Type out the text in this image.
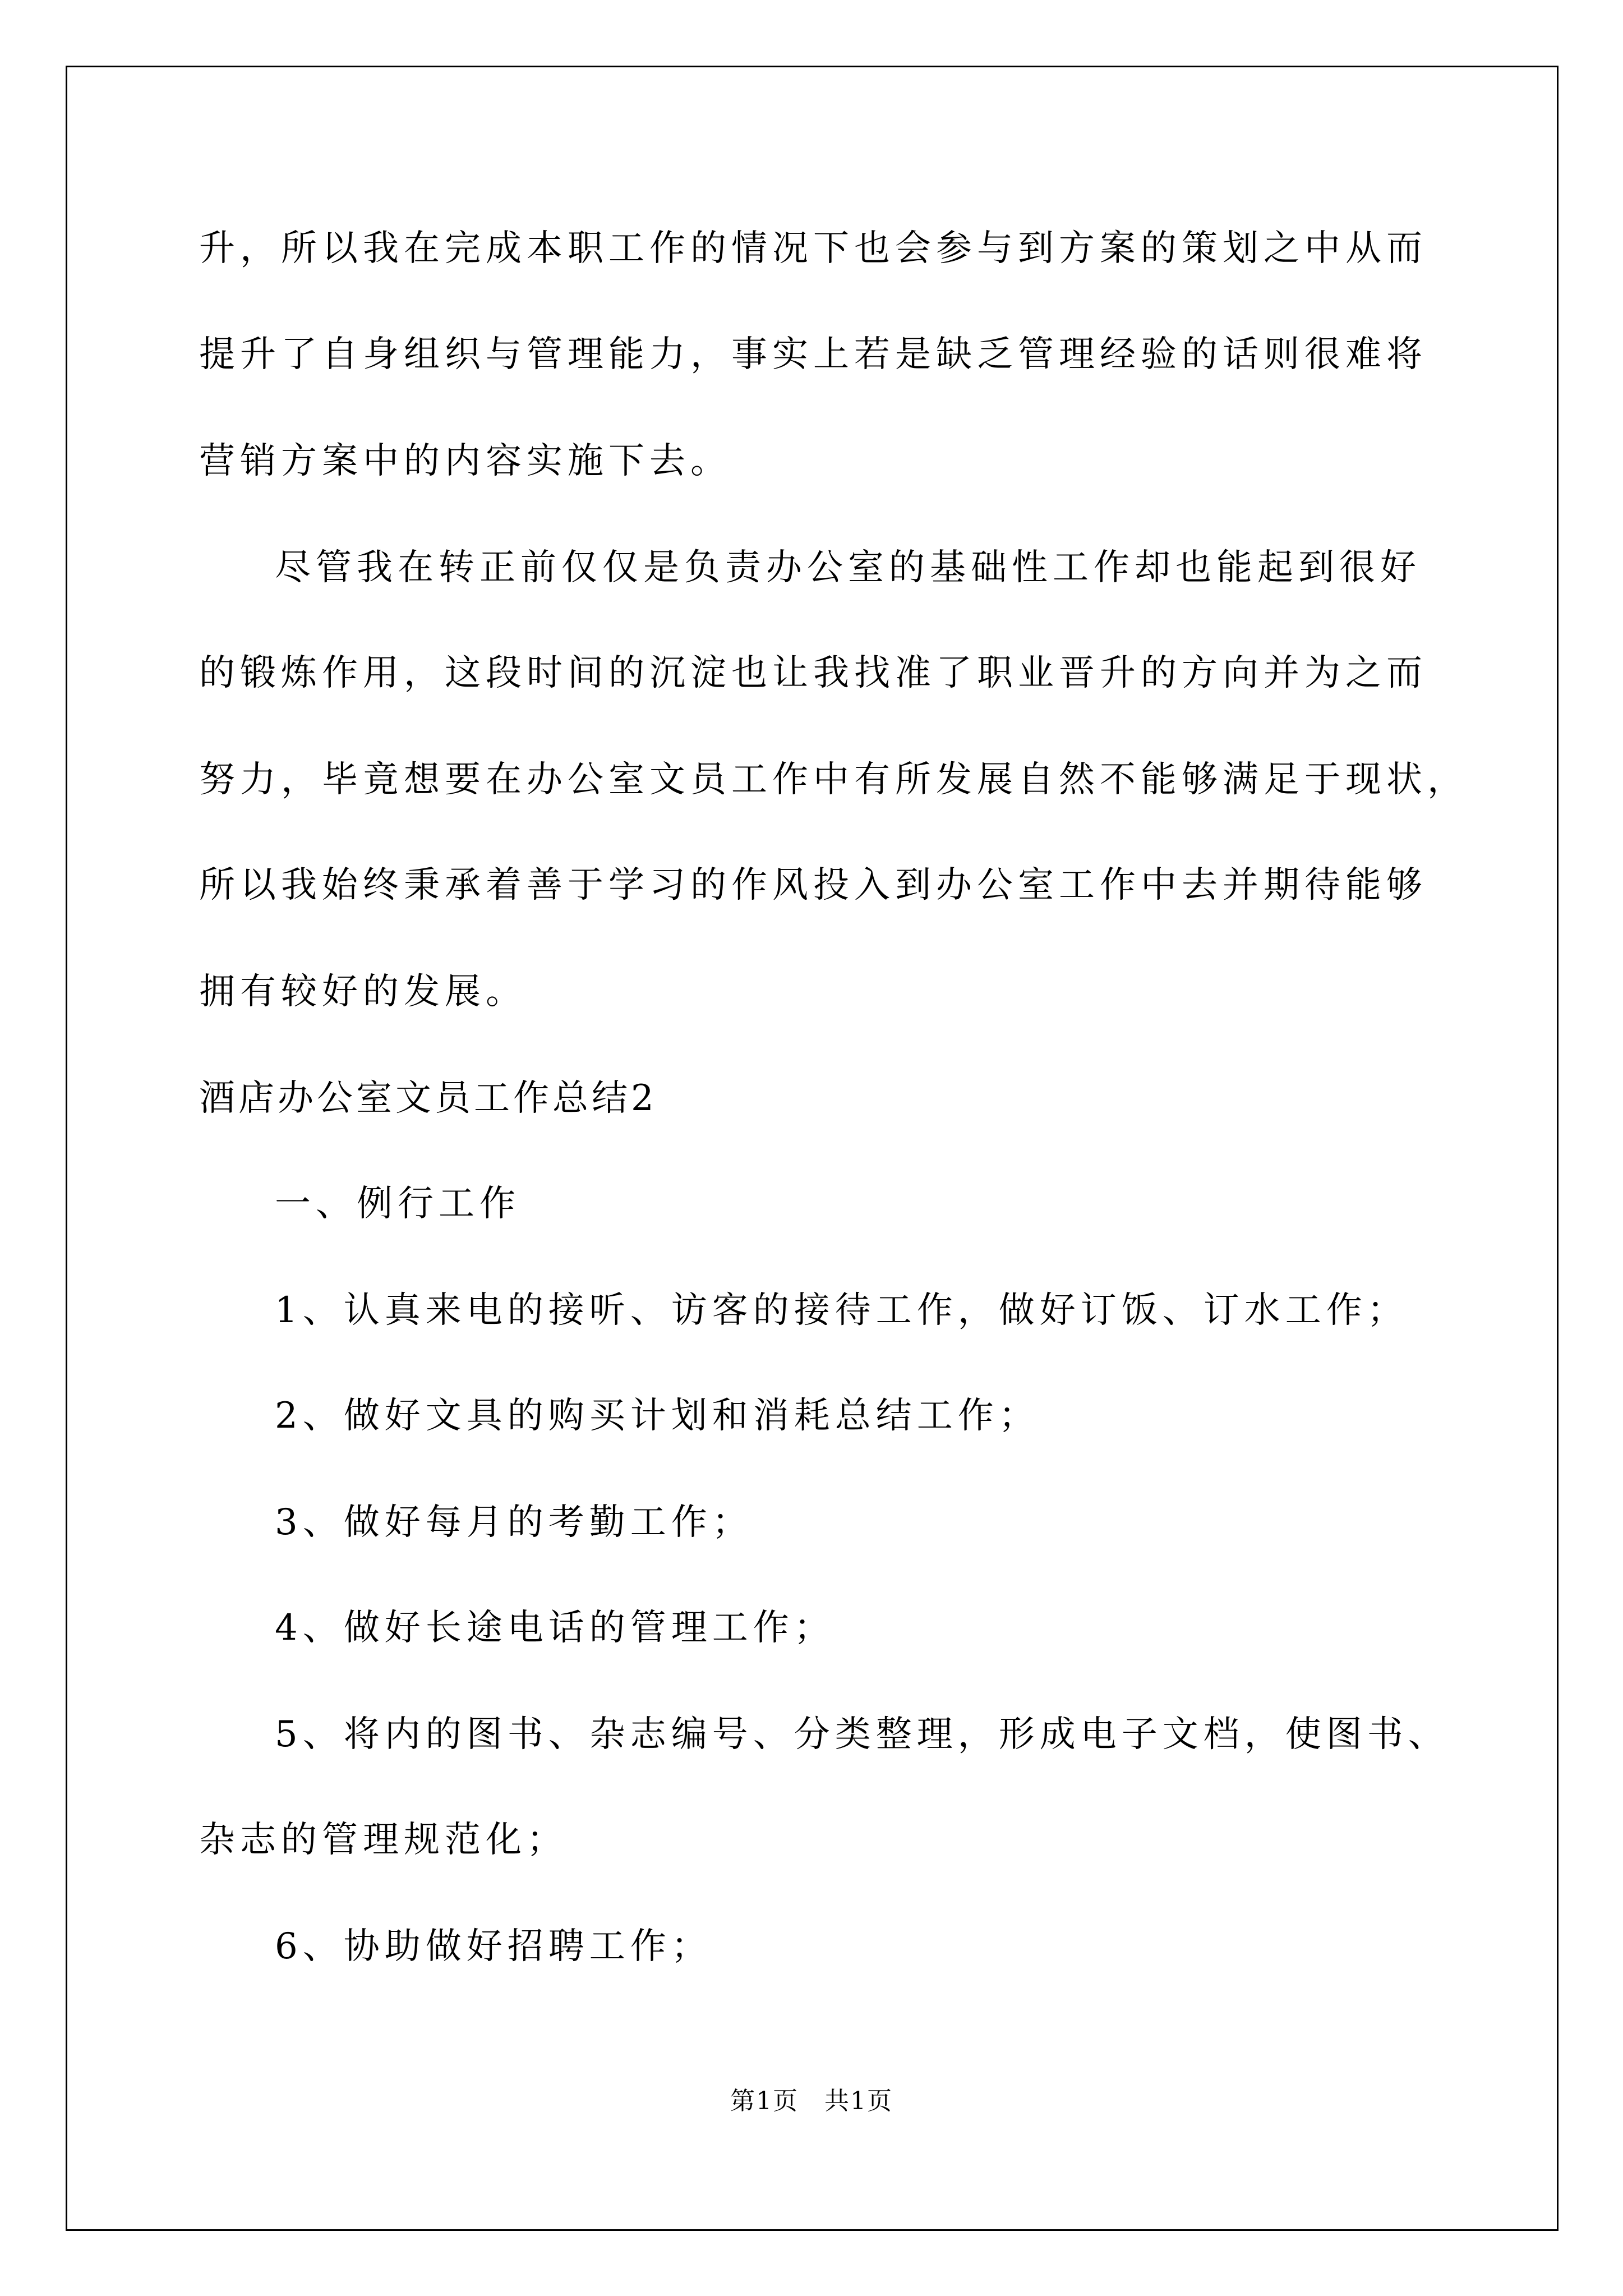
升，所以我在完成本职工作的情况下也会参与到方案的策划之中从而
提升了自身组织与管理能力，事实上若是缺乏管理经验的话则很难将
营销方案中的内容实施下去。
尽管我在转正前仅仅是负责办公室的基础性工作却也能起到很好
的锻炼作用，这段时间的沉淀也让我找准了职业晋升的方向并为之而
努力，毕竟想要在办公室文员工作中有所发展自然不能够满足于现状，
所以我始终秉承着善于学习的作风投入到办公室工作中去并期待能够
拥有较好的发展。
酒店办公室文员工作总结2
一、例行工作
1、认真来电的接听、访客的接待工作，做好订饭、订水工作；
2、做好文具的购买计划和消耗总结工作；
3、做好每月的考勤工作；
4、做好长途电话的管理工作；
5、将内的图书、杂志编号、分类整理，形成电子文档，使图书、
杂志的管理规范化；
6、协助做好招聘工作；
第1页　共1页
